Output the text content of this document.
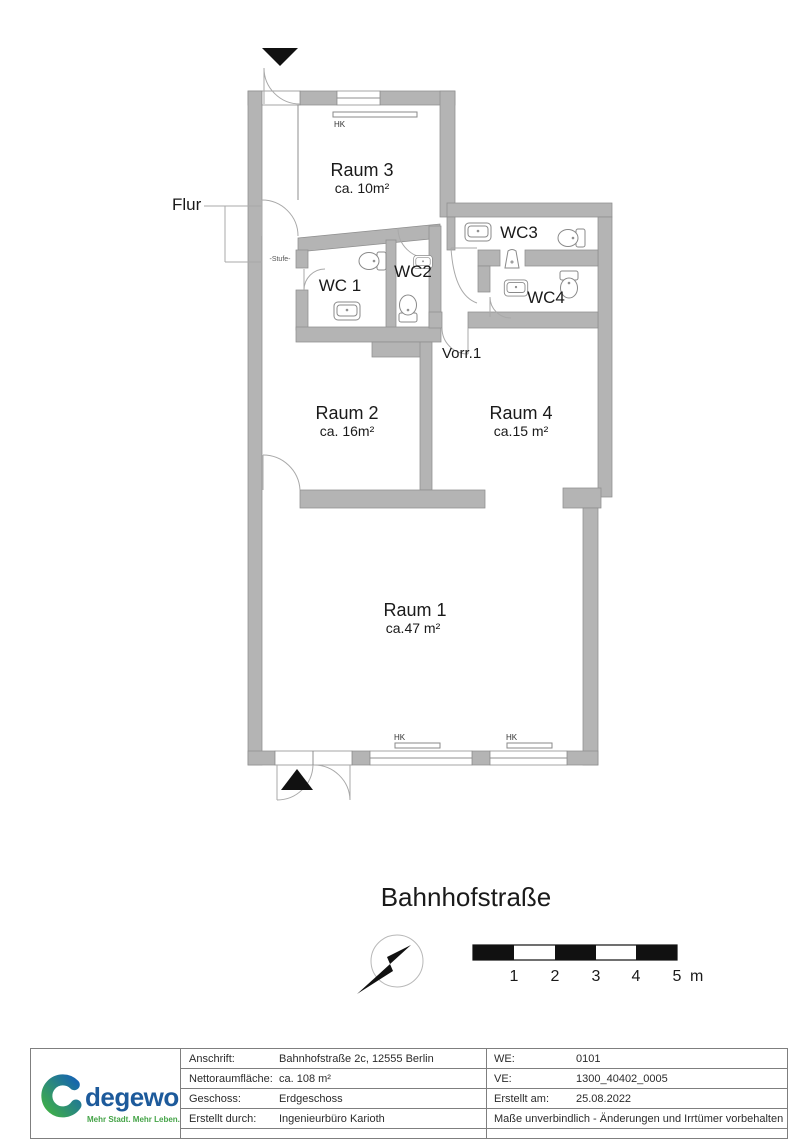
HK
HK	HK
Raum 3
ca. 10m²
Raum 2
ca. 16m²
Raum 4
ca.15 m²
Raum 1
ca.47 m²
WC 1
WC2
WC3
WC4
Vorr.1
Flur
-Stufe-
Bahnhofstraße
1 2 3 4 5 m
degewo
Mehr Stadt. Mehr Leben.
Anschrift:	Bahnhofstraße 2c, 12555 Berlin	WE:	0101
Nettoraumfläche: ca. 108 m²	VE:	1300_40402_0005
Geschoss:	Erdgeschoss	Erstellt am:	25.08.2022
Erstellt durch:	Ingenieurbüro Karioth	Maße unverbindlich - Änderungen und Irrtümer vorbehalten
